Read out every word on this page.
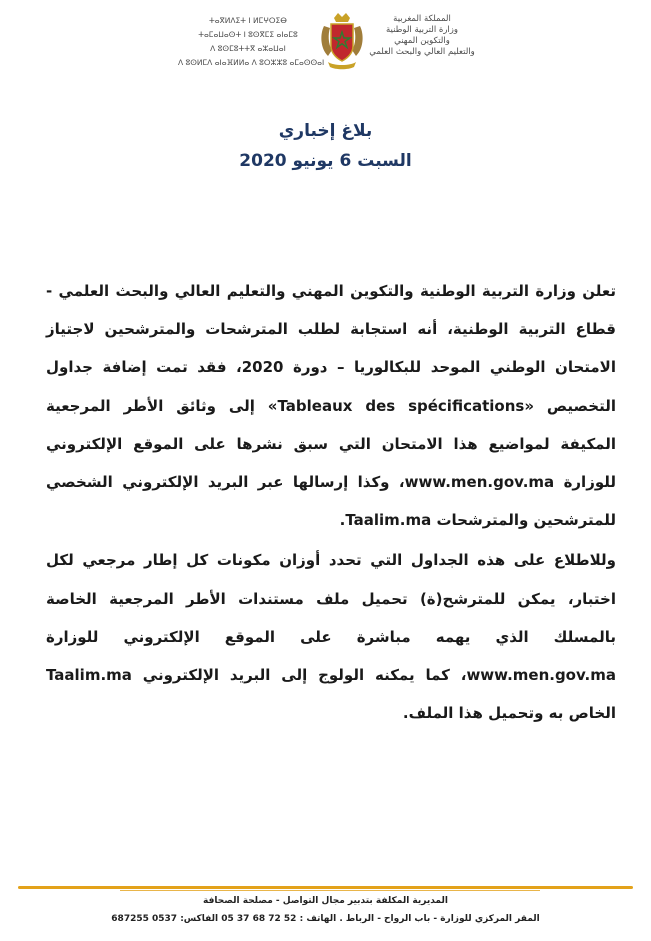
ⵜⴰⴳⵍⴷⵉⵜ ⵏ ⵍⵎⵖⵔⵉⴱ
ⵜⴰⵎⴰⵡⴰⵙⵜ ⵏ ⵓⵙⴳⵎⵉ ⴰⵏⴰⵎⵓ
ⴷ ⵓⵙⵎⵓⵜⵜⴳ ⴰⵣⴰⵡⴰⵏ
ⴷ ⵓⵙⵍⵎⴷ ⴰⵏⴰⴼⵍⵍⴰ ⴷ ⵓⵔⵣⵣⵓ ⴰⵎⴰⵙⵙⴰⵏ
المملكة المغربية
وزارة التربية الوطنية
والتكوين المهني
والتعليم العالي والبحث العلمي
بلاغ إخباري
السبت 6 يونيو 2020

تعلن وزارة التربية الوطنية والتكوين المهني والتعليم العالي والبحث العلمي - قطاع التربية الوطنية، أنه استجابة لطلب المترشحات والمترشحين لاجتياز الامتحان الوطني الموحد للبكالوريا – دورة 2020، فقد تمت إضافة جداول التخصيص «Tableaux des spécifications» إلى وثائق الأطر المرجعية المكيفة لمواضيع هذا الامتحان التي سبق نشرها على الموقع الإلكتروني للوزارة www.men.gov.ma، وكذا إرسالها عبر البريد الإلكتروني الشخصي للمترشحين والمترشحات Taalim.ma.

وللاطلاع على هذه الجداول التي تحدد أوزان مكونات كل إطار مرجعي لكل اختبار، يمكن للمترشح(ة) تحميل ملف مستندات الأطر المرجعية الخاصة بالمسلك الذي يهمه مباشرة على الموقع الإلكتروني للوزارة www.men.gov.ma، كما يمكنه الولوج إلى البريد الإلكتروني Taalim.ma الخاص به وتحميل هذا الملف.

المديرية المكلفة بتدبير مجال التواصل - مصلحة الصحافة
المقر المركزي للوزارة - باب الرواح - الرباط . الهاتف : 52 72 68 37 05 الفاكس: 0537 687255
